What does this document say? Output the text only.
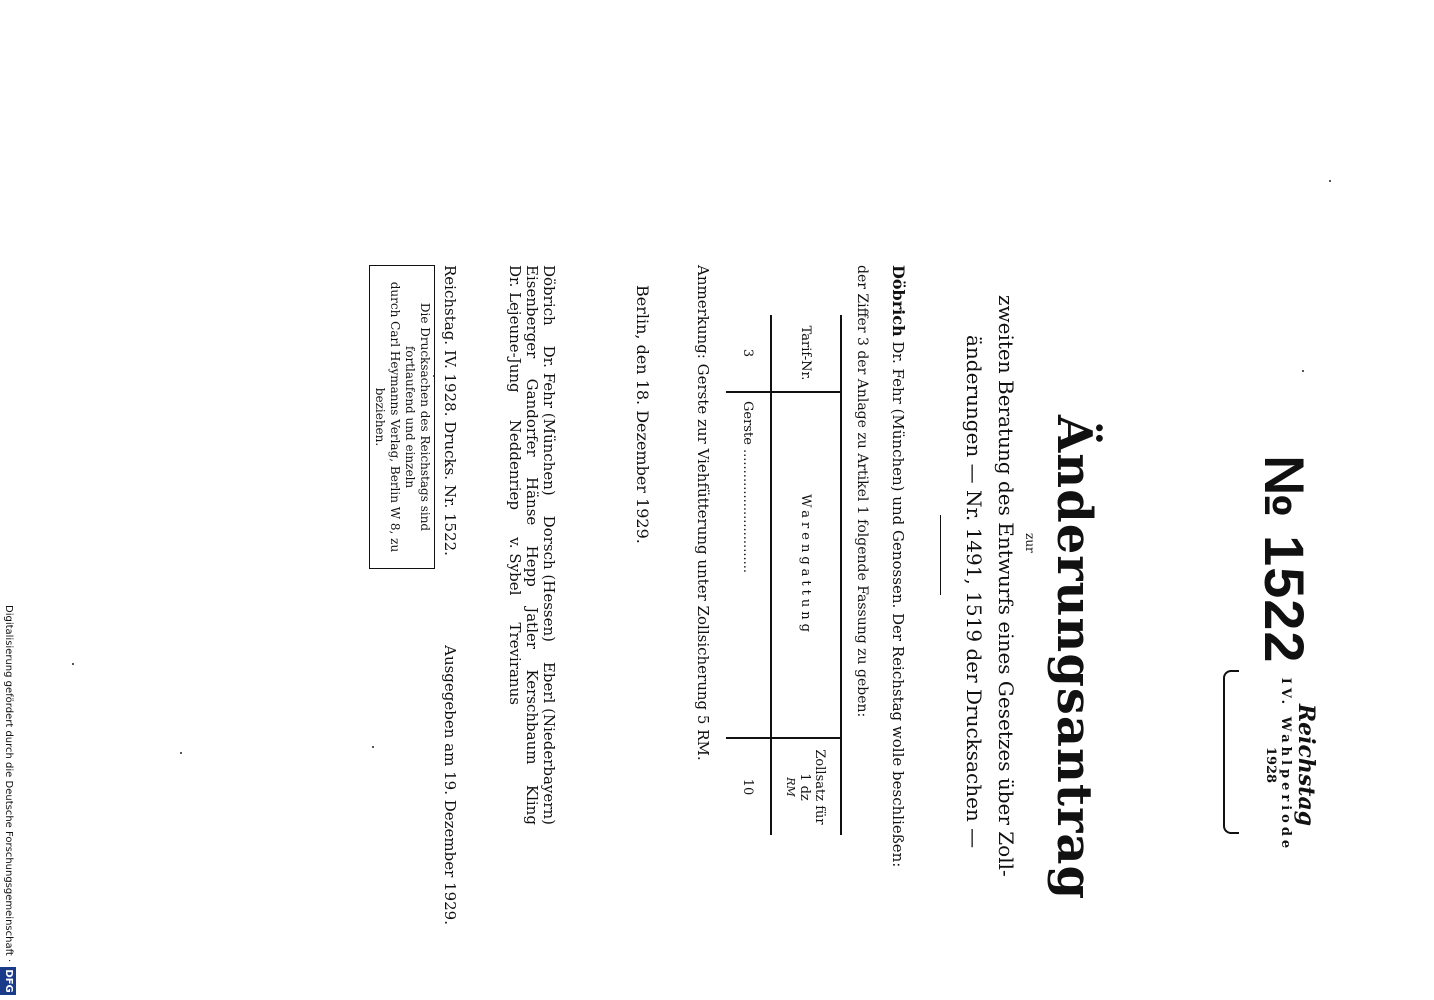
№ 1522
Reichstag
IV. Wahlperiode
1928
Änderungsantrag
zur
zweiten Beratung des Entwurfs eines Gesetzes über Zoll-
änderungen — Nr. 1491, 1519 der Drucksachen —
Döbrich Dr. Fehr (München) und Genossen. Der Reichstag wolle beschließen:
der Ziffer 3 der Anlage zu Artikel 1 folgende Fassung zu geben:
Tarif-Nr.	Warengattung	Zollsatz für 1 dz
RM

3	Gerste ..............................	10
Anmerkung: Gerste zur Viehfütterung unter Zollsicherung 5 RM.
Berlin, den 18. Dezember 1929.
Döbrich
Dr. Fehr (München)
Dorsch (Hessen)
Eberl (Niederbayern)
Eisenberger
Gandorfer
Hänse
Hepp
Jatler
Kerschbaum
Kling
Dr. Lejeune-Jung
Neddenriep
v. Sybel
Treviranus
Reichstag. IV. 1928. Drucks. Nr. 1522.
Ausgegeben am 19. Dezember 1929.
Die Drucksachen des Reichstags sind fortlaufend und einzeln
durch Carl Heymanns Verlag, Berlin W 8, zu beziehen.
Digitalisierung gefördert durch die Deutsche Forschungsgemeinschaft · DFG
